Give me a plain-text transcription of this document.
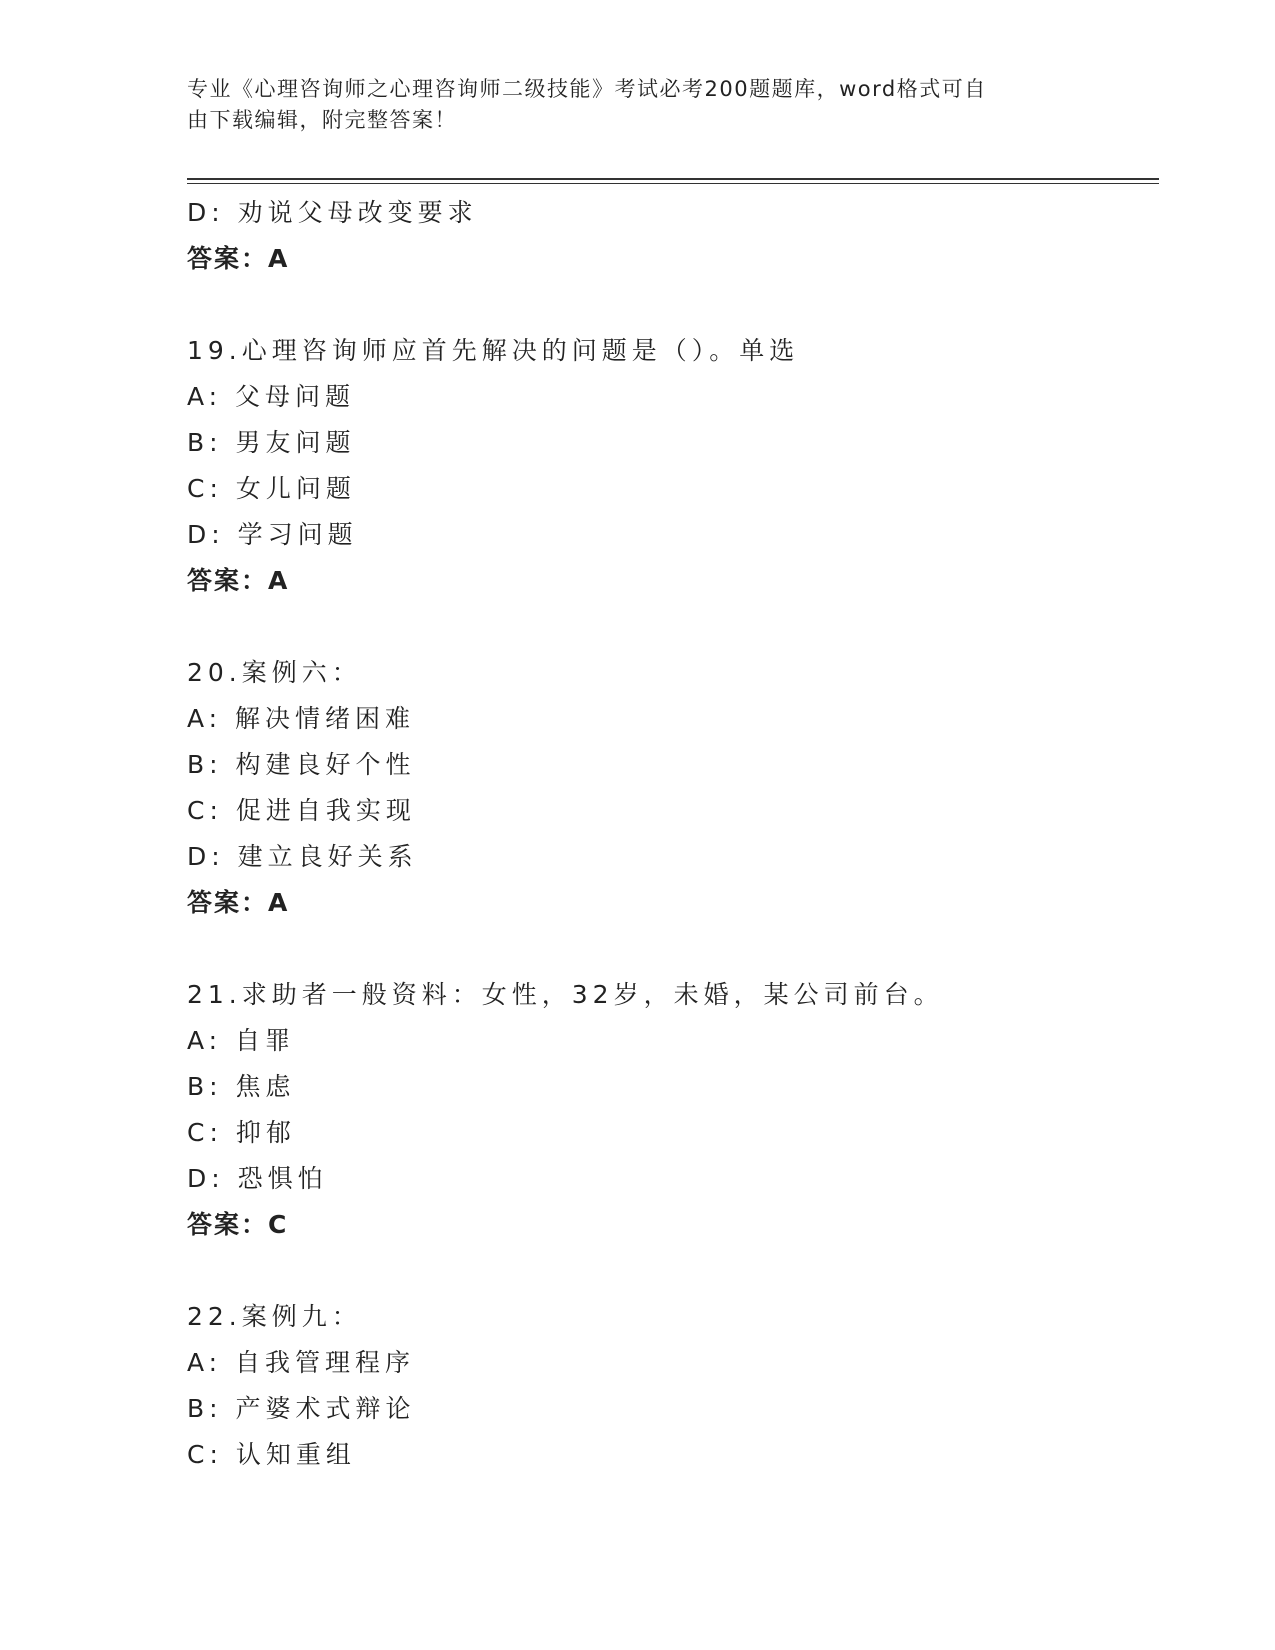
专业《心理咨询师之心理咨询师二级技能》考试必考200题题库，word格式可自
由下载编辑，附完整答案！
D: 劝说父母改变要求
答案：A
19.心理咨询师应首先解决的问题是（）。单选
A: 父母问题
B: 男友问题
C: 女儿问题
D: 学习问题
答案：A
20.案例六：
A: 解决情绪困难
B: 构建良好个性
C: 促进自我实现
D: 建立良好关系
答案：A
21.求助者一般资料：女性，32岁，未婚，某公司前台。
A: 自罪
B: 焦虑
C: 抑郁
D: 恐惧怕
答案：C
22.案例九：
A: 自我管理程序
B: 产婆术式辩论
C: 认知重组
